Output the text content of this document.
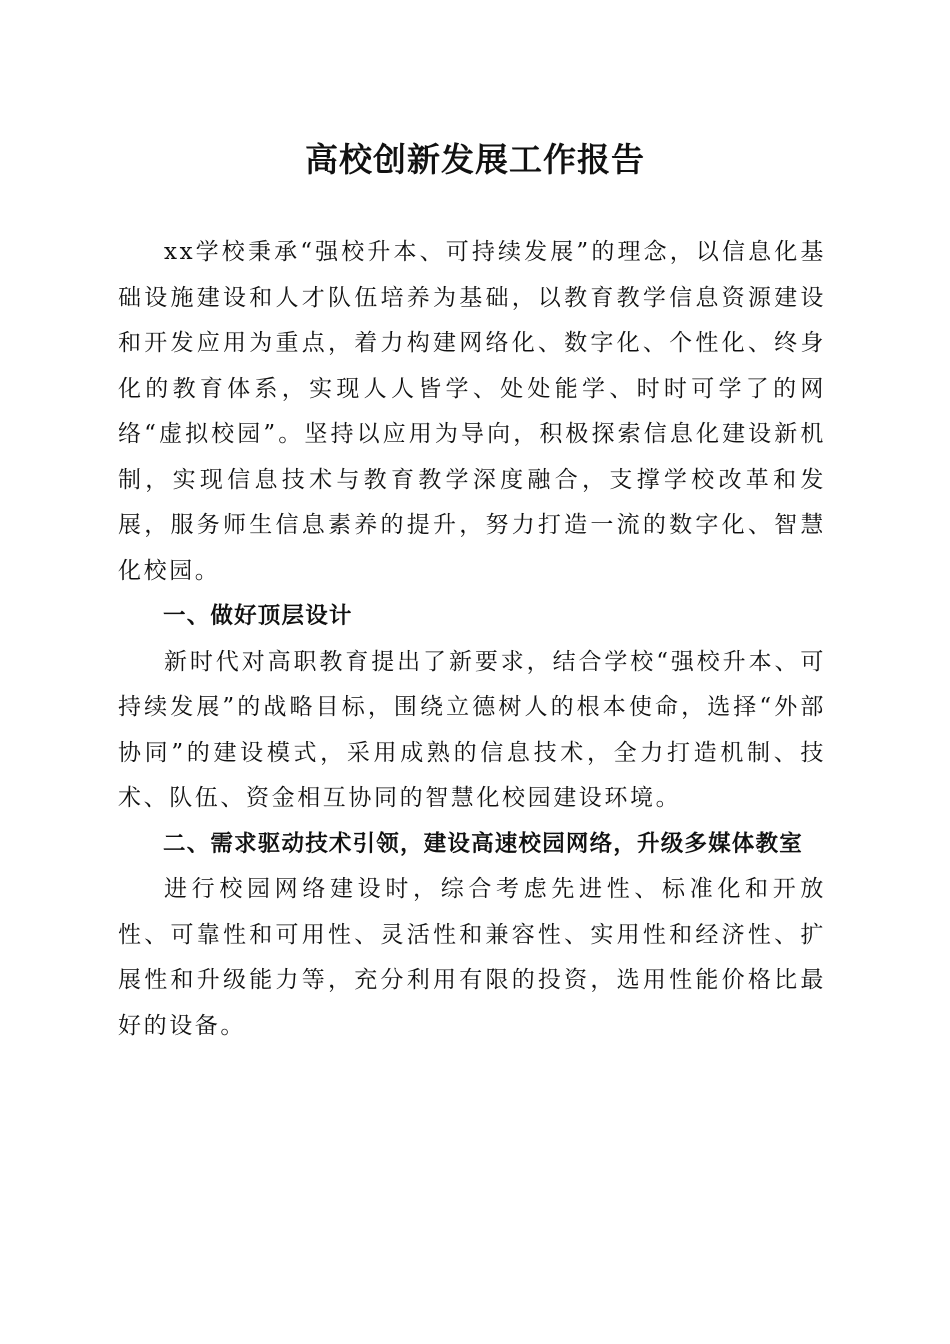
高校创新发展工作报告

xx学校秉承“强校升本、可持续发展”的理念，以信息化基础设施建设和人才队伍培养为基础，以教育教学信息资源建设和开发应用为重点，着力构建网络化、数字化、个性化、终身化的教育体系，实现人人皆学、处处能学、时时可学了的网络“虚拟校园”。坚持以应用为导向，积极探索信息化建设新机制，实现信息技术与教育教学深度融合，支撑学校改革和发展，服务师生信息素养的提升，努力打造一流的数字化、智慧化校园。

一、做好顶层设计

新时代对高职教育提出了新要求，结合学校“强校升本、可持续发展”的战略目标，围绕立德树人的根本使命，选择“外部协同”的建设模式，采用成熟的信息技术，全力打造机制、技术、队伍、资金相互协同的智慧化校园建设环境。

二、需求驱动技术引领，建设高速校园网络，升级多媒体教室

进行校园网络建设时，综合考虑先进性、标准化和开放性、可靠性和可用性、灵活性和兼容性、实用性和经济性、扩展性和升级能力等，充分利用有限的投资，选用性能价格比最好的设备。
